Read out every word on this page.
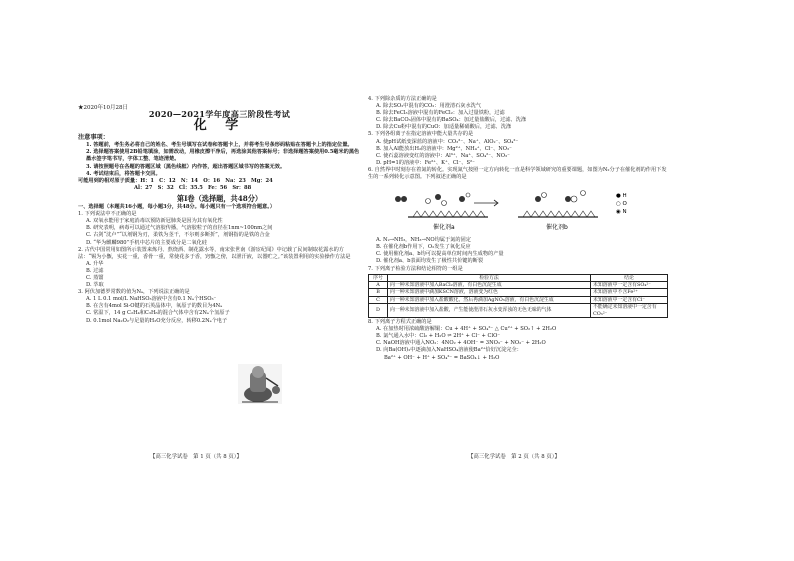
★2020年10月28日
2020—2021学年度高三阶段性考试
化 学
注意事项：

1. 答题前，考生务必将自己的姓名、考生号填写在试卷和答题卡上，并将考生号条形码粘贴在答题卡上的指定位置。

2. 选择题答案使用2B铅笔填涂，如需改动，用橡皮擦干净后，再选涂其他答案标号；非选择题答案使用0.5毫米的黑色墨水签字笔书写，字体工整、笔迹清楚。

3. 请按照题号在各题的答题区域（黑色线框）内作答，超出答题区域书写的答案无效。

4. 考试结束后，将答题卡交回。

可能用到的相对原子质量：H：1　C：12　N：14　O：16　Na：23　Mg：24

Al：27　S：32　Cl：35.5　Fe：56　Sr：88

第Ⅰ卷（选择题，共48分）

一、选择题（本题共16小题，每小题3分，共48分。每小题只有一个选项符合题意。）

1. 下列说法中不正确的是

A. 双氧水能用于家庭消毒以预防新冠肺炎是因为其有氧化性

B. 研究表明，病毒可以通过气溶胶传播，气溶胶粒子的直径在1nm~100nm之间

C. 古剑“沈卢”“以剂钢为刃，柔铁为茎干，不尔则多断折”，剂钢指的是铁的合金

D. “华为麒麟980”手机中芯片的主要成分是二氧化硅

2. 古代中国常用如图所示装置来炼丹、熬烧酒、制花露水等，南宋张世南《游宦纪闻》中记载了民间制取花露水的方法：“锡为小甑，实花一重，香骨一重，常使花多于香，窍甑之傍，以泄汗液，以器贮之。”该装置利用的实验操作方法是

A. 升华

B. 过滤

C. 蒸馏

D. 萃取

3. 阿伏加德罗常数的值为Nₐ，下列说法正确的是

A. 1 L 0.1 mol/L NaHSO₃溶液中含有0.1 Nₐ个HSO₃⁻

B. 在含有4mol Si-O键的石英晶体中，氧原子的数目为4Nₐ

C. 常温下，14 g C₂H₄和C₃H₆的混合气体中含有2Nₐ个氢原子

D. 0.1mol Na₂O₂与足量的H₂O充分反应，转移0.2Nₐ个电子

【高三化学试卷　第 1 页（共 8 页）】

4. 下列除杂质的方法正确的是

A. 除去SO₂中混有的CO₂：用澄清石灰水洗气

B. 除去FeCl₃溶液中混有的FeCl₂：加入过量铁粉，过滤

C. 除去BaCO₃固体中混有的BaSO₄：加过量盐酸后，过滤、洗涤

D. 除去Cu粉中混有的CuO：加适量稀硝酸后，过滤、洗涤

5. 下列各组离子在指定溶液中能大量共存的是

A. 使pH试纸变深蓝的溶液中：CO₃²⁻、Na⁺、AlO₂⁻、SO₄²⁻

B. 加入Al能放出H₂的溶液中：Mg²⁺、NH₄⁺、Cl⁻、NO₃⁻

C. 使石蕊溶液变红的溶液中：Al³⁺、Na⁺、SO₄²⁻、NO₃⁻

D. pH=1的溶液中：Fe²⁺、K⁺、Cl⁻、S²⁻

6. 自然界中时刻存在着氮的转化。实现氮气按照一定方向转化一直是科学领域研究的重要课题，如图为N₂分子在催化剂的作用下发生的一系列转化示意图。下列叙述正确的是

催化剂a	催化剂b
● H
○ O
◉ N

A. N₂→NH₃，NH₃→NO均属于氮的固定

B. 在催化剂b作用下，O₂发生了氧化反应

C. 使用催化剂a、b均可以提高单位时间内生成物的产量

D. 催化剂a、b表面均发生了极性共价键的断裂

7. 下列离子检验方法和结论相符的一组是

序号	检验方法	结论
A	向一种未知溶液中加入BaCl₂溶液，有白色沉淀生成	未知溶液中一定含有SO₄²⁻
B	向一种未知溶液中滴加KSCN溶液，溶液变为红色	未知溶液中不含Fe²⁺
C	向一种未知溶液中加入盐酸酸化，然后再滴加AgNO₃溶液，有白色沉淀生成	未知溶液中一定含有Cl⁻
D	向一种未知溶液中加入盐酸，产生能使澄清石灰水变浑浊的无色无味的气体	不能确定未知溶液中一定含有CO₃²⁻

8. 下列离子方程式正确的是

A. 在加热时用浓硫酸溶解铜：Cu + 4H⁺ + SO₄²⁻ △ Cu²⁺ + SO₂↑ + 2H₂O

B. 氯气通入水中：Cl₂ + H₂O ⇌ 2H⁺ + Cl⁻ + ClO⁻

C. NaOH溶液中通入NO₂：4NO₂ + 4OH⁻ = 3NO₃⁻ + NO₂⁻ + 2H₂O

D. 向Ba(OH)₂中逐滴加入NaHSO₄溶液使Ba²⁺恰好沉淀完全：

Ba²⁺ + OH⁻ + H⁺ + SO₄²⁻ = BaSO₄↓ + H₂O

【高三化学试卷　第 2 页（共 8 页）】
